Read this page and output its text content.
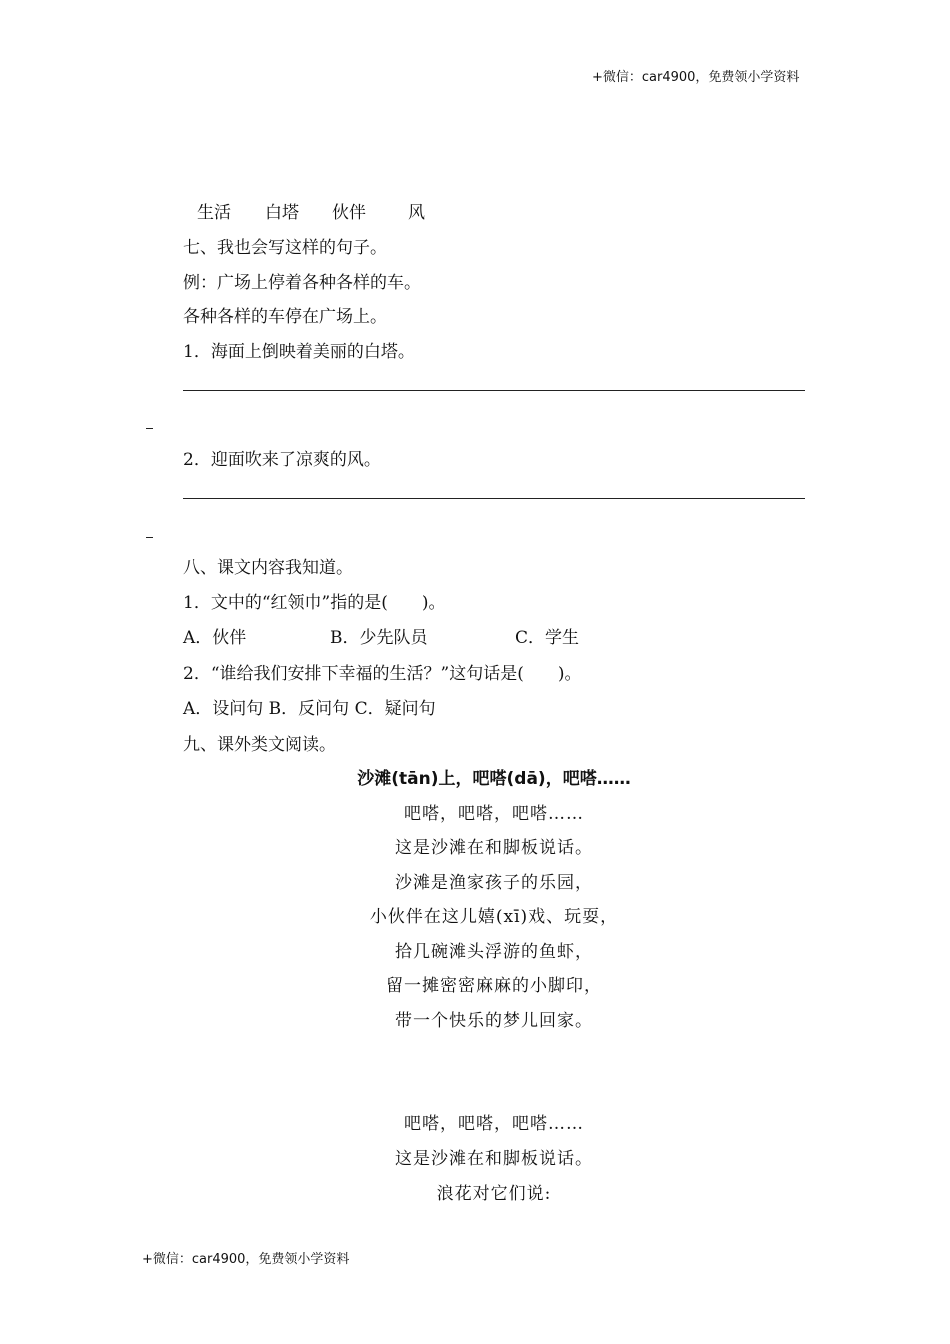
+微信：car4900，免费领小学资料
生活 白塔 伙伴 风
七、我也会写这样的句子。
例：广场上停着各种各样的车。
各种各样的车停在广场上。
1．海面上倒映着美丽的白塔。
2．迎面吹来了凉爽的风。
八、课文内容我知道。
1．文中的“红领巾”指的是(　　)。
A．伙伴	B．少先队员	C．学生
2．“谁给我们安排下幸福的生活？”这句话是(　　)。
A．设问句 B．反问句 C．疑问句
九、课外类文阅读。
沙滩(tān)上，吧嗒(dā)，吧嗒……
吧嗒，吧嗒，吧嗒……
这是沙滩在和脚板说话。
沙滩是渔家孩子的乐园，
小伙伴在这儿嬉(xī)戏、玩耍，
拾几碗滩头浮游的鱼虾，
留一摊密密麻麻的小脚印，
带一个快乐的梦儿回家。
吧嗒，吧嗒，吧嗒……
这是沙滩在和脚板说话。
浪花对它们说:
+微信：car4900，免费领小学资料
